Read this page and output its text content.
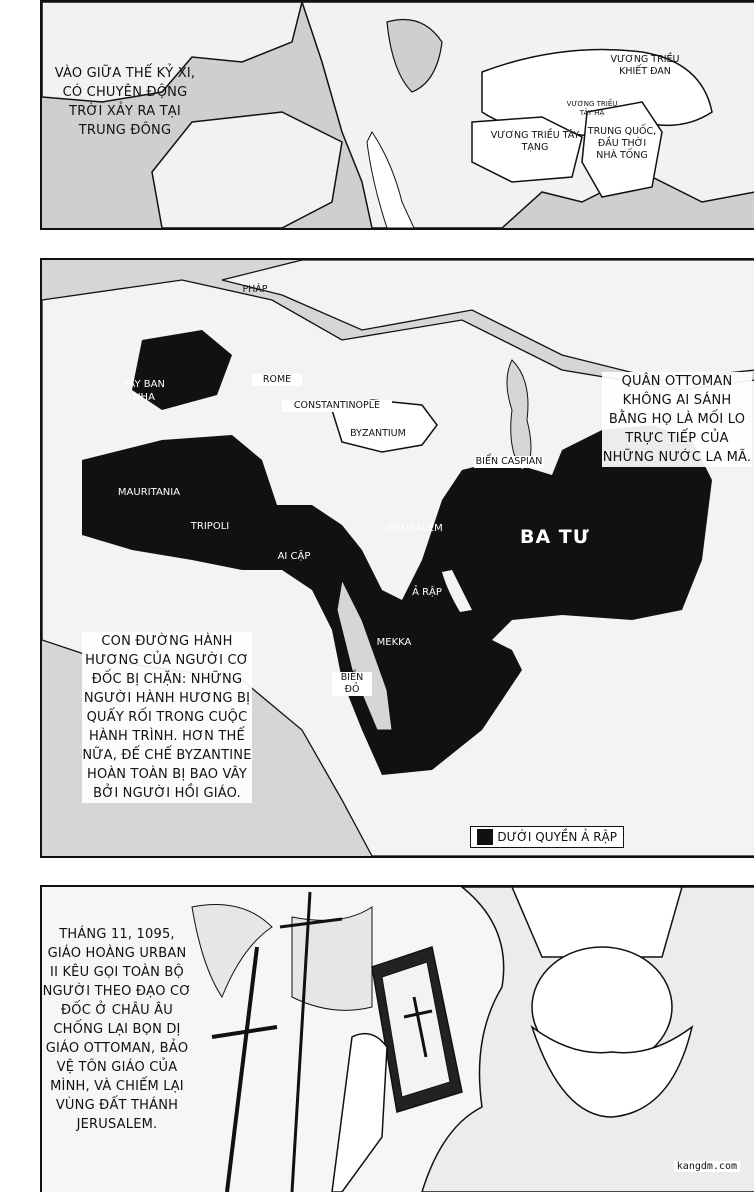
VÀO GIỮA THẾ KỶ XI, CÓ CHUYỆN ĐỘNG TRỜI XẢY RA TẠI TRUNG ĐÔNG
VƯƠNG TRIỀU KHIẾT ĐAN
VƯƠNG TRIỀU TÂY HẠ
VƯƠNG TRIỀU TÂY TẠNG
TRUNG QUỐC, ĐẦU THỜI NHÀ TỐNG
PHÁP
TÂY BAN NHA
ROME
CONSTANTINOPLE
BYZANTIUM
BIỂN CASPIAN
MAURITANIA
TRIPOLI
AI CẬP
JERUSALEM	BA TƯ
Ả RẬP
MEKKA
BIỂN ĐỎ
QUÂN OTTOMAN KHÔNG AI SÁNH BẰNG HỌ LÀ MỐI LO TRỰC TIẾP CỦA NHỮNG NƯỚC LA MÃ.
CON ĐƯỜNG HÀNH HƯƠNG CỦA NGƯỜI CƠ ĐỐC BỊ CHẶN: NHỮNG NGƯỜI HÀNH HƯƠNG BỊ QUẤY RỐI TRONG CUỘC HÀNH TRÌNH. HƠN THẾ NỮA, ĐẾ CHẾ BYZANTINE HOÀN TOÀN BỊ BAO VÂY BỞI NGƯỜI HỒI GIÁO.
DƯỚI QUYỀN Ả RẬP
THÁNG 11, 1095, GIÁO HOÀNG URBAN II KÊU GỌI TOÀN BỘ NGƯỜI THEO ĐẠO CƠ ĐỐC Ở CHÂU ÂU CHỐNG LẠI BỌN DỊ GIÁO OTTOMAN, BẢO VỆ TÔN GIÁO CỦA MÌNH, VÀ CHIẾM LẠI VÙNG ĐẤT THÁNH JERUSALEM.
kangdm.com
